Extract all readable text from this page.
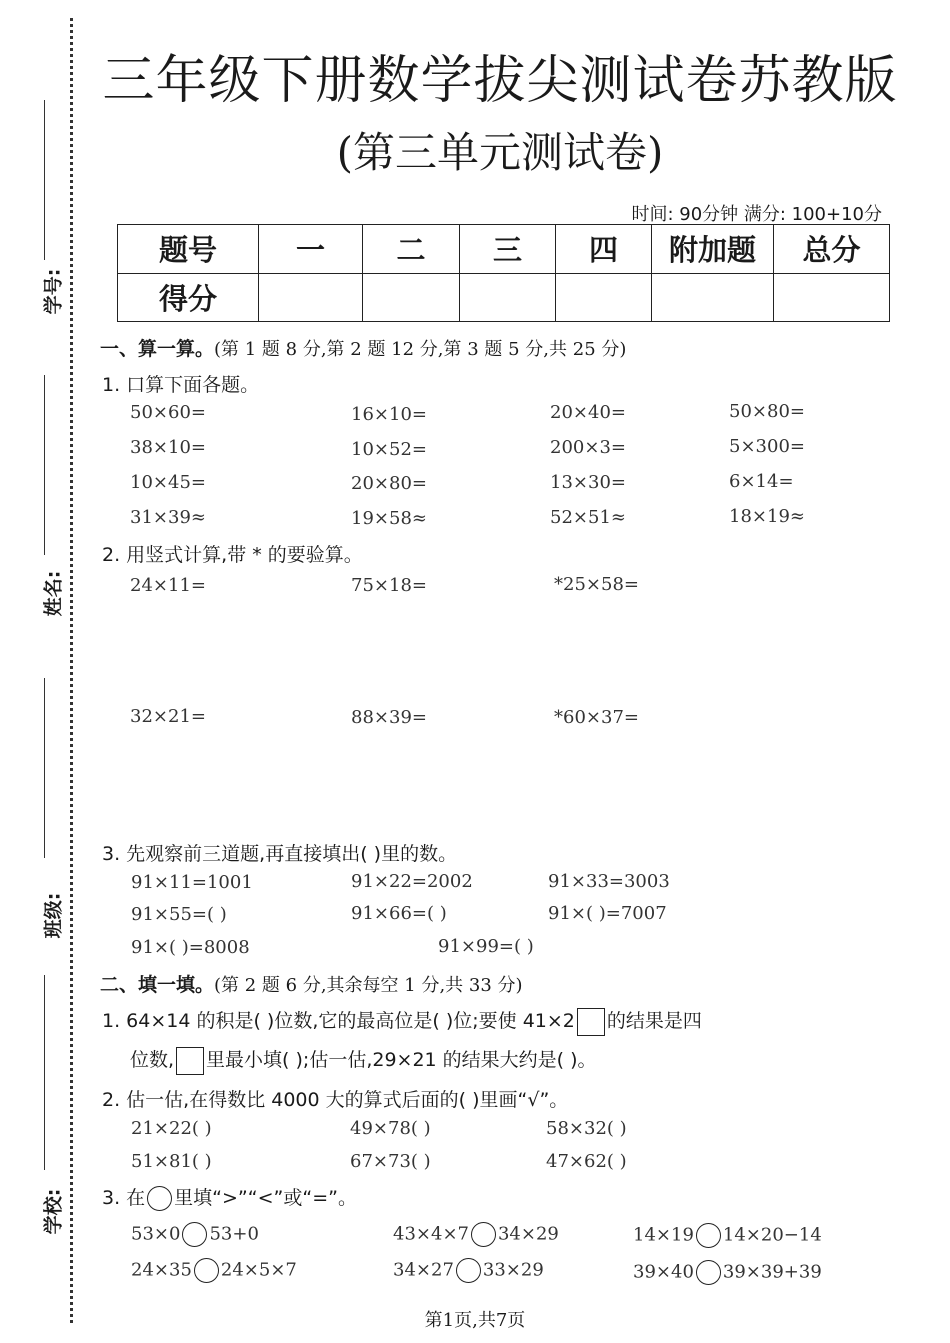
学号:
姓名:
班级:
学校:
三年级下册数学拔尖测试卷苏教版
(第三单元测试卷)
时间: 90分钟 满分: 100+10分
题号	一	二	三	四	附加题	总分
得分						
一、算一算。(第 1 题 8 分,第 2 题 12 分,第 3 题 5 分,共 25 分)
1. 口算下面各题。
50×60=	16×10=	20×40=	50×80=
38×10=	10×52=	200×3=	5×300=
10×45=	20×80=	13×30=	6×14=
31×39≈	19×58≈	52×51≈	18×19≈
2. 用竖式计算,带 * 的要验算。
24×11=	75×18=	*25×58=
32×21=	88×39=	*60×37=
3. 先观察前三道题,再直接填出( )里的数。
91×11=1001	91×22=2002	91×33=3003
91×55=( )	91×66=( )	91×( )=7007
91×( )=8008	91×99=( )
二、填一填。(第 2 题 6 分,其余每空 1 分,共 33 分)
1. 64×14 的积是( )位数,它的最高位是( )位;要使 41×2 的结果是四
位数, 里最小填( );估一估,29×21 的结果大约是( )。
2. 估一估,在得数比 4000 大的算式后面的( )里画“√”。
21×22( )	49×78( )	58×32( )
51×81( )	67×73( )	47×62( )
3. 在 里填“>”“<”或“=”。
53×0 53+0	43×4×7 34×29	14×19 14×20−14
24×35 24×5×7	34×27 33×29	39×40 39×39+39
第1页,共7页
